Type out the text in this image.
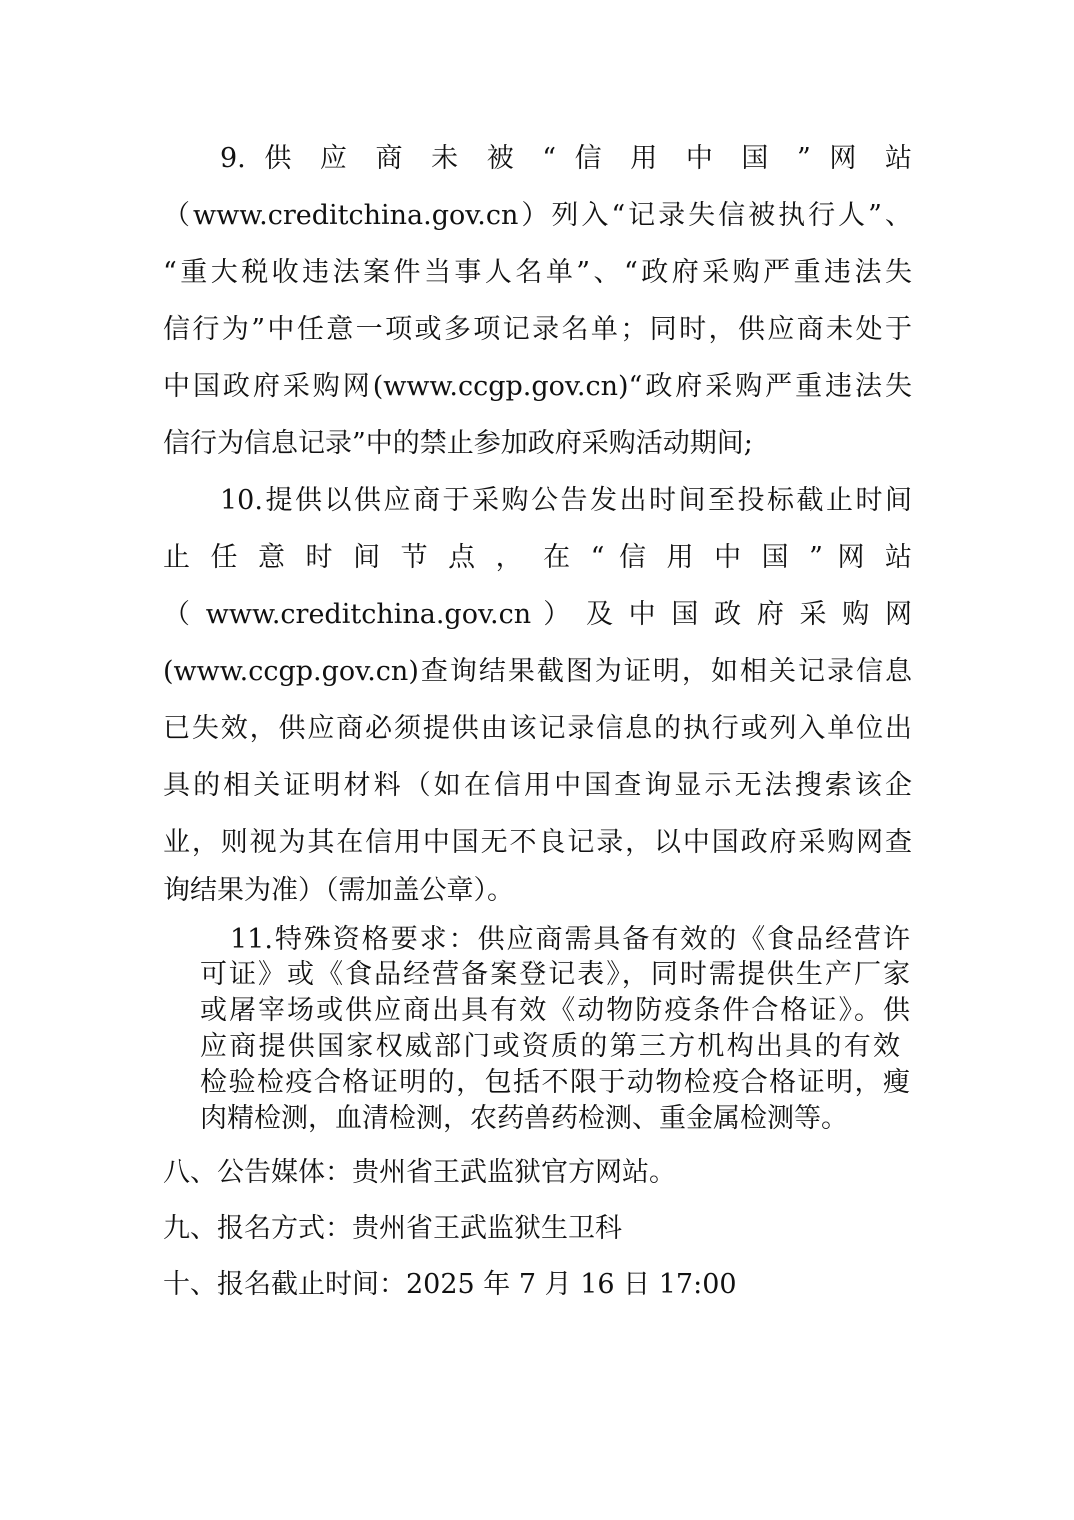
9. 供 应 商 未 被 “ 信 用 中 国 ” 网 站
（www.creditchina.gov.cn）列入“记录失信被执行人”、
“重大税收违法案件当事人名单”、“政府采购严重违法失
信行为”中任意一项或多项记录名单；同时，供应商未处于
中国政府采购网(www.ccgp.gov.cn)“政府采购严重违法失
信行为信息记录”中的禁止参加政府采购活动期间;
10.提供以供应商于采购公告发出时间至投标截止时间
止 任 意 时 间 节 点 ， 在 “ 信 用 中 国 ” 网 站
（ www.creditchina.gov.cn ） 及 中 国 政 府 采 购 网
(www.ccgp.gov.cn)查询结果截图为证明，如相关记录信息
已失效，供应商必须提供由该记录信息的执行或列入单位出
具的相关证明材料（如在信用中国查询显示无法搜索该企
业，则视为其在信用中国无不良记录，以中国政府采购网查
询结果为准）（需加盖公章）。
11.特殊资格要求：供应商需具备有效的《食品经营许
可证》或《食品经营备案登记表》，同时需提供生产厂家
或屠宰场或供应商出具有效《动物防疫条件合格证》。供
应商提供国家权威部门或资质的第三方机构出具的有效
检验检疫合格证明的，包括不限于动物检疫合格证明，瘦
肉精检测，血清检测，农药兽药检测、重金属检测等。
八、公告媒体：贵州省王武监狱官方网站。
九、报名方式：贵州省王武监狱生卫科
十、报名截止时间：2025 年 7 月 16 日 17:00
